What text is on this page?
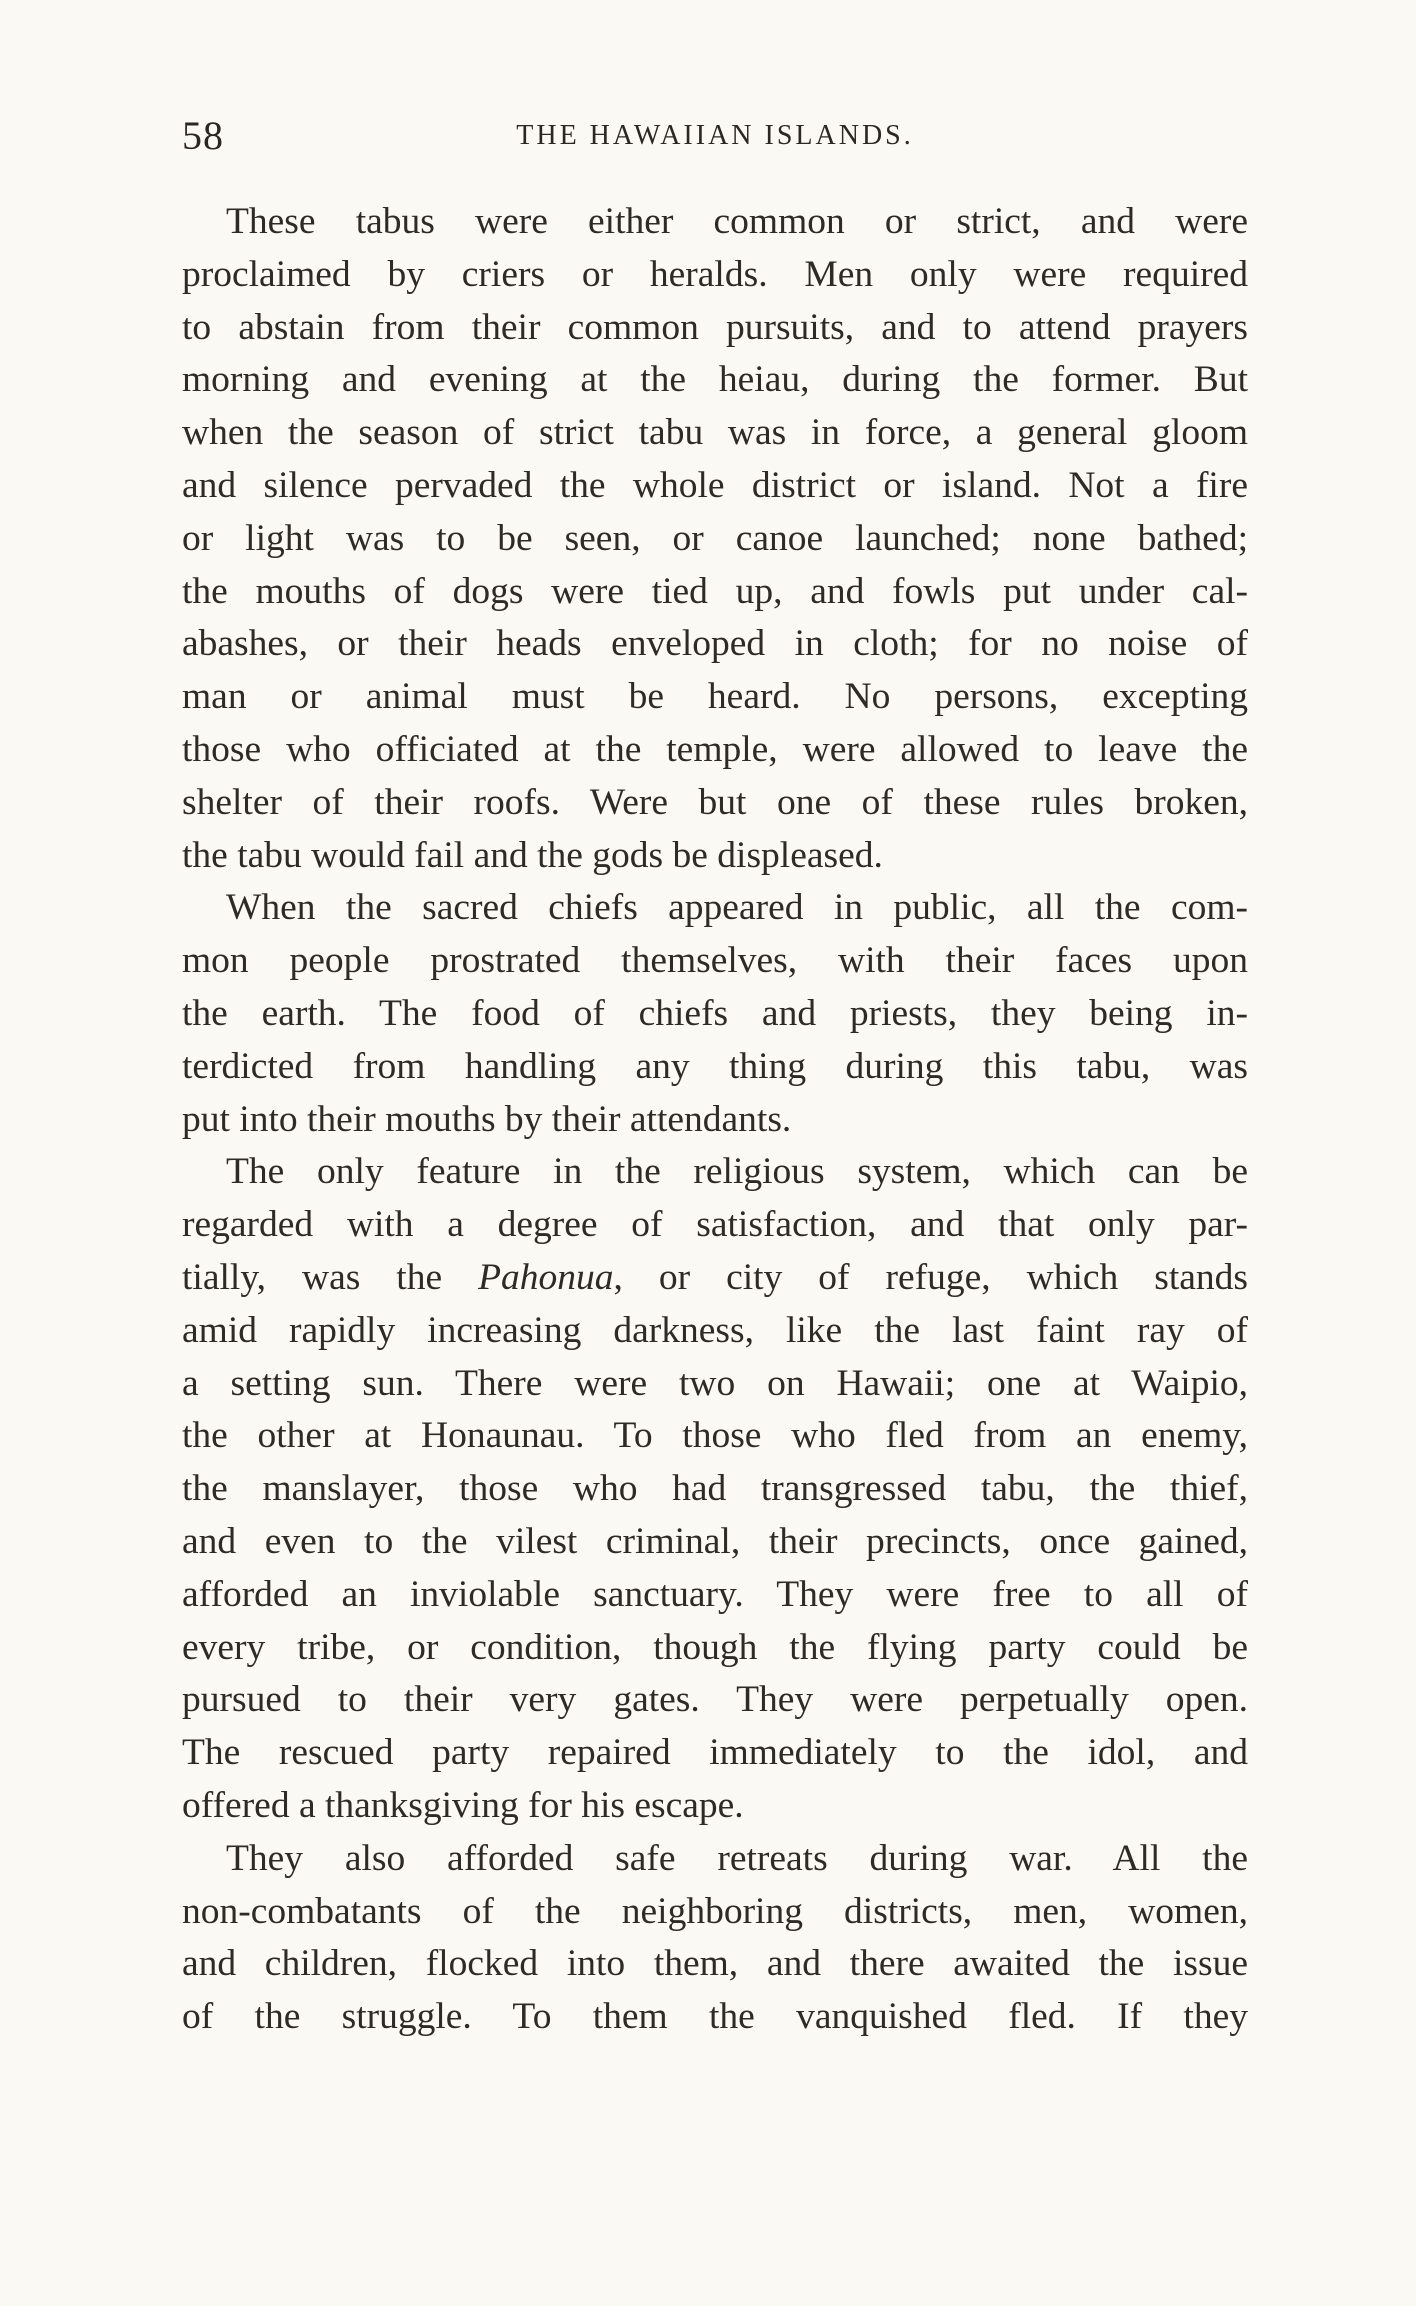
58	THE HAWAIIAN ISLANDS.

These tabus were either common or strict, and were
proclaimed by criers or heralds. Men only were required
to abstain from their common pursuits, and to attend prayers
morning and evening at the heiau, during the former. But
when the season of strict tabu was in force, a general gloom
and silence pervaded the whole district or island. Not a fire
or light was to be seen, or canoe launched; none bathed;
the mouths of dogs were tied up, and fowls put under cal-
abashes, or their heads enveloped in cloth; for no noise of
man or animal must be heard. No persons, excepting
those who officiated at the temple, were allowed to leave the
shelter of their roofs. Were but one of these rules broken,
the tabu would fail and the gods be displeased.

When the sacred chiefs appeared in public, all the com-
mon people prostrated themselves, with their faces upon
the earth. The food of chiefs and priests, they being in-
terdicted from handling any thing during this tabu, was
put into their mouths by their attendants.

The only feature in the religious system, which can be
regarded with a degree of satisfaction, and that only par-
tially, was the Pahonua, or city of refuge, which stands
amid rapidly increasing darkness, like the last faint ray of
a setting sun. There were two on Hawaii; one at Waipio,
the other at Honaunau. To those who fled from an enemy,
the manslayer, those who had transgressed tabu, the thief,
and even to the vilest criminal, their precincts, once gained,
afforded an inviolable sanctuary. They were free to all of
every tribe, or condition, though the flying party could be
pursued to their very gates. They were perpetually open.
The rescued party repaired immediately to the idol, and
offered a thanksgiving for his escape.

They also afforded safe retreats during war. All the
non-combatants of the neighboring districts, men, women,
and children, flocked into them, and there awaited the issue
of the struggle. To them the vanquished fled. If they
